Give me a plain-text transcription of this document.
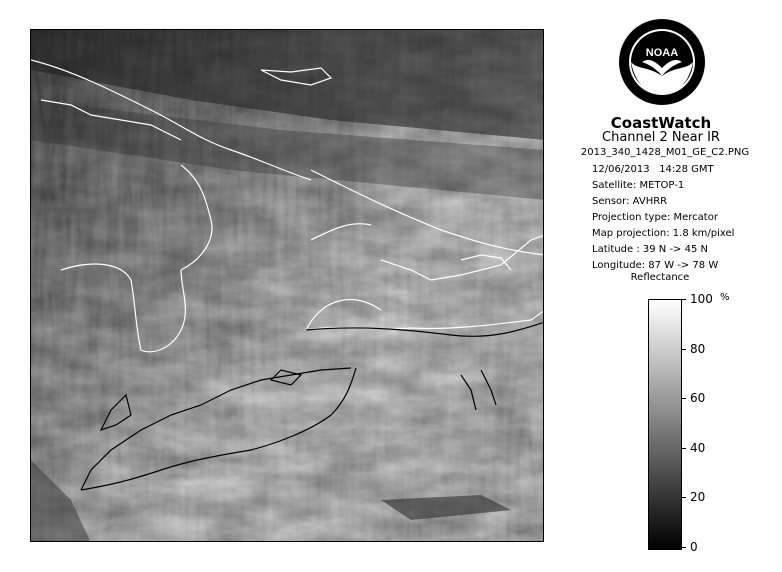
NOAA
CoastWatch
Channel 2 Near IR
2013_340_1428_M01_GE_C2.PNG
12/06/2013 14:28 GMT
Satellite: METOP-1
Sensor: AVHRR
Projection type: Mercator
Map projection: 1.8 km/pixel
Latitude : 39 N -> 45 N
Longitude: 87 W -> 78 W
Reflectance
%
100
80
60
40
20
0
